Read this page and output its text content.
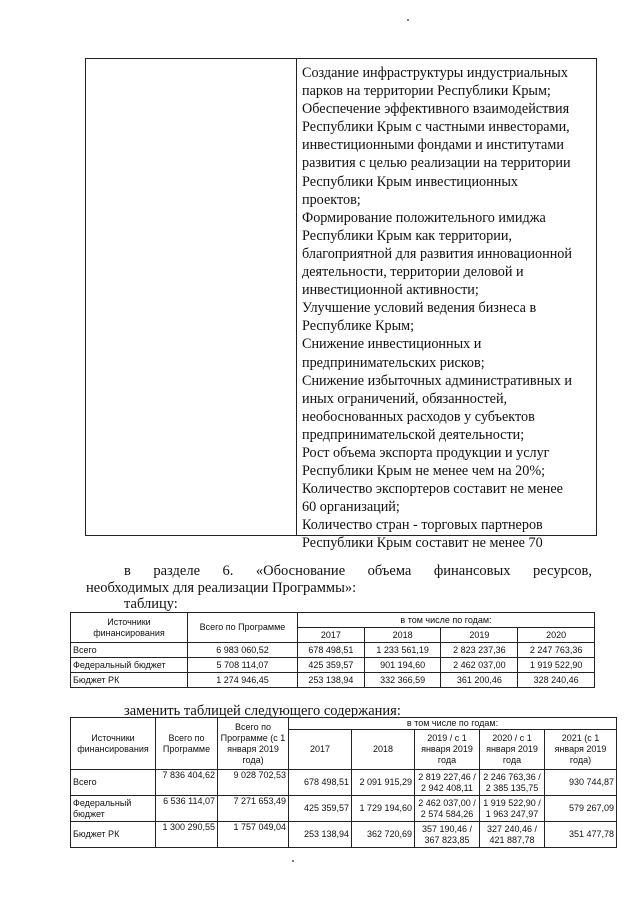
Создание инфраструктуры индустриальных
парков на территории Республики Крым;
Обеспечение эффективного взаимодействия
Республики Крым с частными инвесторами,
инвестиционными фондами и институтами
развития с целью реализации на территории
Республики Крым инвестиционных
проектов;
Формирование положительного имиджа
Республики Крым как территории,
благоприятной для развития инновационной
деятельности, территории деловой и
инвестиционной активности;
Улучшение условий ведения бизнеса в
Республике Крым;
Снижение инвестиционных и
предпринимательских рисков;
Снижение избыточных административных и
иных ограничений, обязанностей,
необоснованных расходов у субъектов
предпринимательской деятельности;
Рост объема экспорта продукции и услуг
Республики Крым не менее чем на 20%;
Количество экспортеров составит не менее
60 организаций;
Количество стран - торговых партнеров
Республики Крым составит не менее 70
в разделе 6. «Обоснование объема финансовых ресурсов,
необходимых для реализации Программы»:
таблицу:
Источники финансирования	Всего по Программе	в том числе по годам:			
		2017	2018	2019	2020
Всего	6 983 060,52	678 498,51	1 233 561,19	2 823 237,36	2 247 763,36
Федеральный бюджет	5 708 114,07	425 359,57	901 194,60	2 462 037,00	1 919 522,90
Бюджет РК	1 274 946,45	253 138,94	332 366,59	361 200,46	328 240,46
заменить таблицей следующего содержания:
Источники финансирования	Всего по Программе	Всего по Программе (с 1 января 2019 года)	в том числе по годам:				
			2017	2018	2019 / с 1 января 2019 года	2020 / с 1 января 2019 года	2021 (с 1 января 2019 года)
Всего	7 836 404,62	9 028 702,53	678 498,51	2 091 915,29	2 819 227,46 / 2 942 408,11	2 246 763,36 / 2 385 135,75	930 744,87
Федеральный бюджет	6 536 114,07	7 271 653,49	425 359,57	1 729 194,60	2 462 037,00 / 2 574 584,26	1 919 522,90 / 1 963 247,97	579 267,09
Бюджет РК	1 300 290,55	1 757 049,04	253 138,94	362 720,69	357 190,46 / 367 823,85	327 240,46 / 421 887,78	351 477,78
